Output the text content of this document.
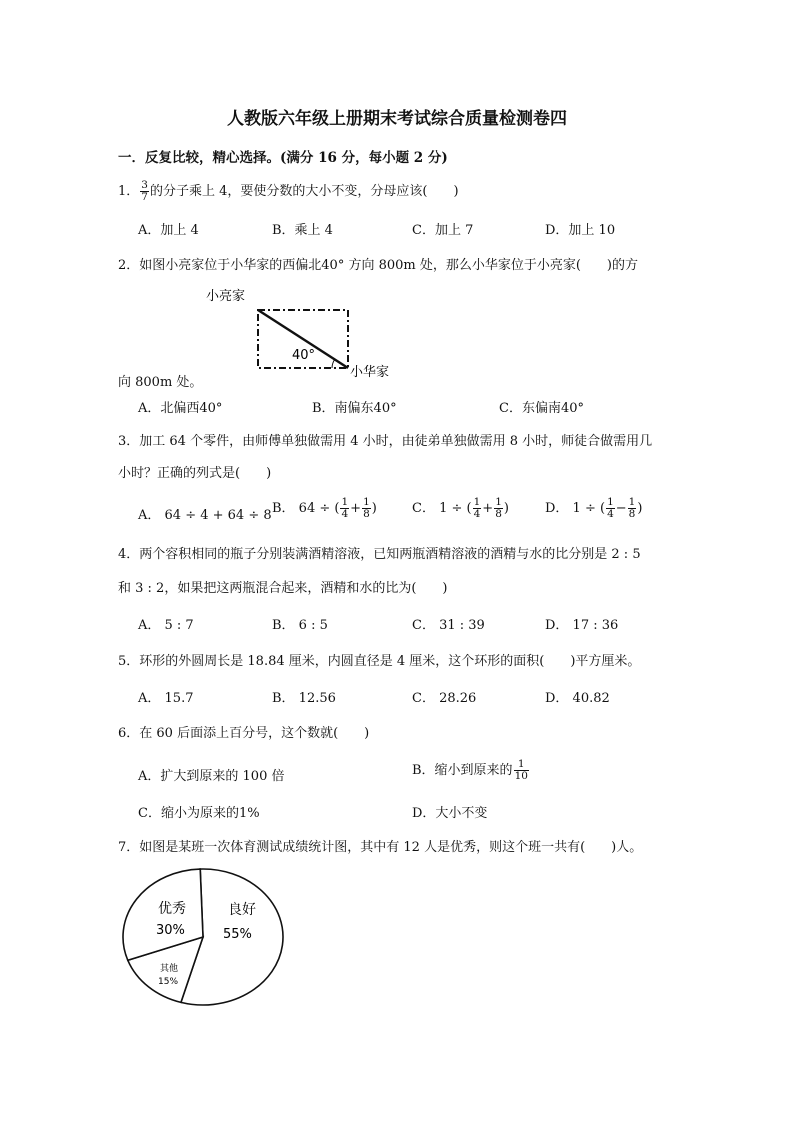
人教版六年级上册期末考试综合质量检测卷四
一．反复比较，精心选择。(满分 16 分，每小题 2 分)
1． $\frac{3}{7}$ 的分子乘上 4，要使分数的大小不变，分母应该(　　)
A．加上 4	B．乘上 4	C．加上 7	D．加上 10
2．如图小亮家位于小华家的西偏北40° 方向 800m 处，那么小华家位于小亮家(　　)的方
小亮家
40°
小华家
向 800m 处。
A．北偏西40°	B．南偏东40°	C．东偏南40°
3．加工 64 个零件，由师傅单独做需用 4 小时，由徒弟单独做需用 8 小时，师徒合做需用几
小时？正确的列式是(　　)
A． 64 ÷ 4 + 64 ÷ 8 B． 64 ÷ ( $\frac{1}{4} + \frac{1}{8}$ )	C． 1 ÷ ( $\frac{1}{4} + \frac{1}{8}$ )	D． 1 ÷ ( $\frac{1}{4} - \frac{1}{8}$ )
4．两个容积相同的瓶子分别装满酒精溶液，已知两瓶酒精溶液的酒精与水的比分别是 2 : 5
和 3 : 2，如果把这两瓶混合起来，酒精和水的比为(　　)
A． 5 : 7	B． 6 : 5	C． 31 : 39	D． 17 : 36
5．环形的外圆周长是 18.84 厘米，内圆直径是 4 厘米，这个环形的面积(　　)平方厘米。
A． 15.7	B． 12.56	C． 28.26	D． 40.82
6．在 60 后面添上百分号，这个数就(　　)
A．扩大到原来的 100 倍	B．缩小到原来的 $\frac{1}{10}$
C．缩小为原来的1%	D．大小不变
7．如图是某班一次体育测试成绩统计图，其中有 12 人是优秀，则这个班一共有(　　)人。
良好
55%
其他
15%
优秀
30%
